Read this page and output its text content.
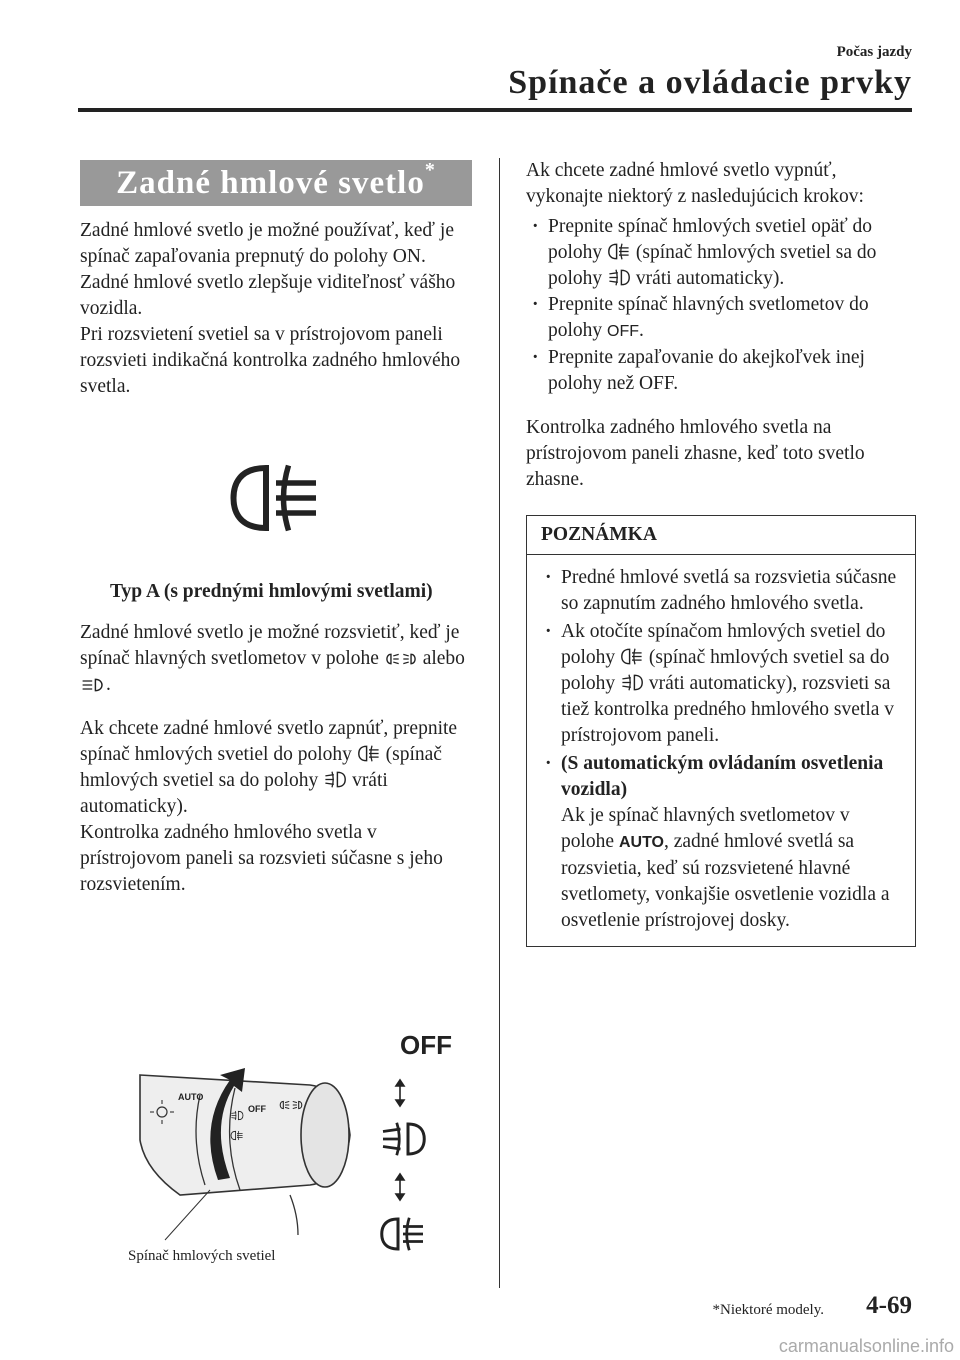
Počas jazdy
Spínače a ovládacie prvky
Zadné hmlové svetlo*

Zadné hmlové svetlo je možné používať, keď je spínač zapaľovania prepnutý do polohy ON.

Zadné hmlové svetlo zlepšuje viditeľnosť vášho vozidla.

Pri rozsvietení svetiel sa v prístrojovom paneli rozsvieti indikačná kontrolka zadného hmlového svetla.

Typ A (s prednými hmlovými svetlami)

Zadné hmlové svetlo je možné rozsvietiť, keď je spínač hlavných svetlometov v polohe  alebo .

Ak chcete zadné hmlové svetlo zapnúť, prepnite spínač hmlových svetiel do polohy  (spínač hmlových svetiel sa do polohy  vráti automaticky).

Kontrolka zadného hmlového svetla v prístrojovom paneli sa rozsvieti súčasne s jeho rozsvietením.

OFF
OFF
AUTO
Spínač hmlových svetiel

Ak chcete zadné hmlové svetlo vypnúť, vykonajte niektorý z nasledujúcich krokov:

· Prepnite spínač hmlových svetiel opäť do polohy  (spínač hmlových svetiel sa do polohy  vráti automaticky).
· Prepnite spínač hlavných svetlometov do polohy OFF.
· Prepnite zapaľovanie do akejkoľvek inej polohy než OFF.

Kontrolka zadného hmlového svetla na prístrojovom paneli zhasne, keď toto svetlo zhasne.

POZNÁMKA
· Predné hmlové svetlá sa rozsvietia súčasne so zapnutím zadného hmlového svetla.
· Ak otočíte spínačom hmlových svetiel do polohy  (spínač hmlových svetiel sa do polohy  vráti automaticky), rozsvieti sa tiež kontrolka predného hmlového svetla v prístrojovom paneli.
· (S automatickým ovládaním osvetlenia vozidla)
Ak je spínač hlavných svetlometov v polohe AUTO, zadné hmlové svetlá sa rozsvietia, keď sú rozsvietené hlavné svetlomety, vonkajšie osvetlenie vozidla a osvetlenie prístrojovej dosky.
*Niektoré modely. 4-69
carmanualsonline.info
